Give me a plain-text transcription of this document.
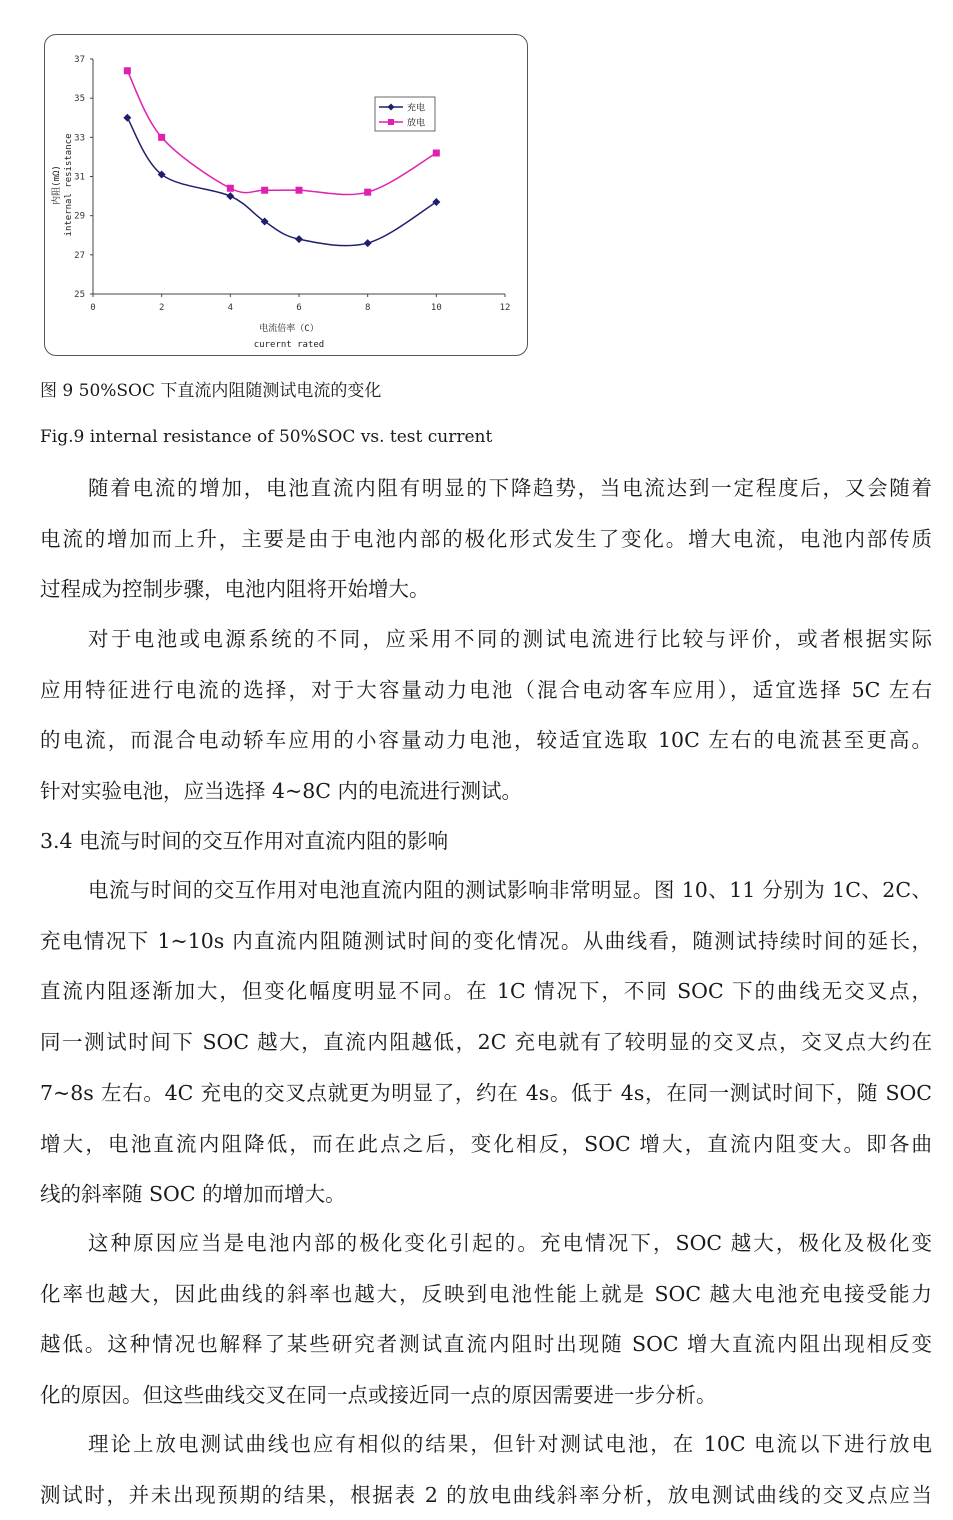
0	2	4	6	8	10	12
25
27
29
31
33
35
37
充电
放电
电流倍率（C）
curernt rated
内阻(mΩ) internal resistance
图 9 50%SOC 下直流内阻随测试电流的变化
Fig.9 internal resistance of 50%SOC vs. test current
随着电流的增加，电池直流内阻有明显的下降趋势，当电流达到一定程度后，又会随着
电流的增加而上升，主要是由于电池内部的极化形式发生了变化。增大电流，电池内部传质
过程成为控制步骤，电池内阻将开始增大。
对于电池或电源系统的不同，应采用不同的测试电流进行比较与评价，或者根据实际
应用特征进行电流的选择，对于大容量动力电池（混合电动客车应用），适宜选择 5C 左右
的电流，而混合电动轿车应用的小容量动力电池，较适宜选取 10C 左右的电流甚至更高。
针对实验电池，应当选择 4~8C 内的电流进行测试。
3.4 电流与时间的交互作用对直流内阻的影响
电流与时间的交互作用对电池直流内阻的测试影响非常明显。图 10、11 分别为 1C、2C、
充电情况下 1~10s 内直流内阻随测试时间的变化情况。从曲线看，随测试持续时间的延长，
直流内阻逐渐加大，但变化幅度明显不同。在 1C 情况下，不同 SOC 下的曲线无交叉点，
同一测试时间下 SOC 越大，直流内阻越低，2C 充电就有了较明显的交叉点，交叉点大约在
7~8s 左右。4C 充电的交叉点就更为明显了，约在 4s。低于 4s，在同一测试时间下，随 SOC
增大，电池直流内阻降低，而在此点之后，变化相反，SOC 增大，直流内阻变大。即各曲
线的斜率随 SOC 的增加而增大。
这种原因应当是电池内部的极化变化引起的。充电情况下，SOC 越大，极化及极化变
化率也越大，因此曲线的斜率也越大，反映到电池性能上就是 SOC 越大电池充电接受能力
越低。这种情况也解释了某些研究者测试直流内阻时出现随 SOC 增大直流内阻出现相反变
化的原因。但这些曲线交叉在同一点或接近同一点的原因需要进一步分析。
理论上放电测试曲线也应有相似的结果，但针对测试电池，在 10C 电流以下进行放电
测试时，并未出现预期的结果，根据表 2 的放电曲线斜率分析，放电测试曲线的交叉点应当
